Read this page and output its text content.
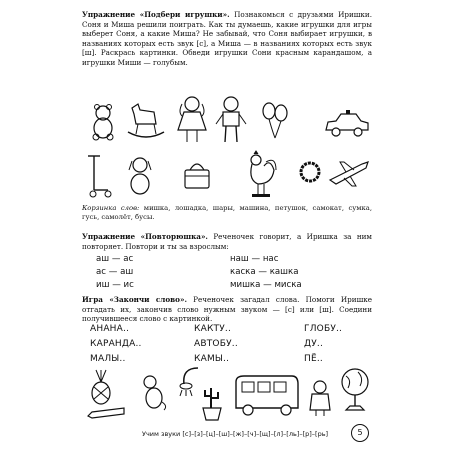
Упражнение «Подбери игрушки». Познакомься с друзьями Иришки. Соня и Миша решили поиграть. Как ты думаешь, какие игрушки для игры выберет Соня, а какие Миша? Не забывай, что Соня выбирает игрушки, в названиях которых есть звук [с], а Миша — в названиях которых есть звук [ш]. Раскрась картинки. Обведи игрушки Сони красным карандашом, а игрушки Миши — голубым.

Корзинка слов: мишка, лошадка, шары, машина, петушок, самокат, сумка, гусь, самолёт, бусы.

Упражнение «Повторюшка». Реченочек говорит, а Иришка за ним повторяет. Повтори и ты за взрослым:

аш — ас
ас — аш
иш — ис
наш — нас
каска — кашка
мишка — миска

Игра «Закончи слово». Реченочек загадал слова. Помоги Иришке отгадать их, закончив слово нужным звуком — [с] или [ш]. Соедини получившееся слово с картинкой.

АНАНА..
КАРАНДА..
МАЛЫ..
КАКТУ..
АВТОБУ..
КАМЫ..
ГЛОБУ..
ДУ..
ПЁ..
Учим звуки [с]–[з]–[ц]–[ш]–[ж]–[ч]–[щ]–[л]–[ль]–[р]–[рь]	5
